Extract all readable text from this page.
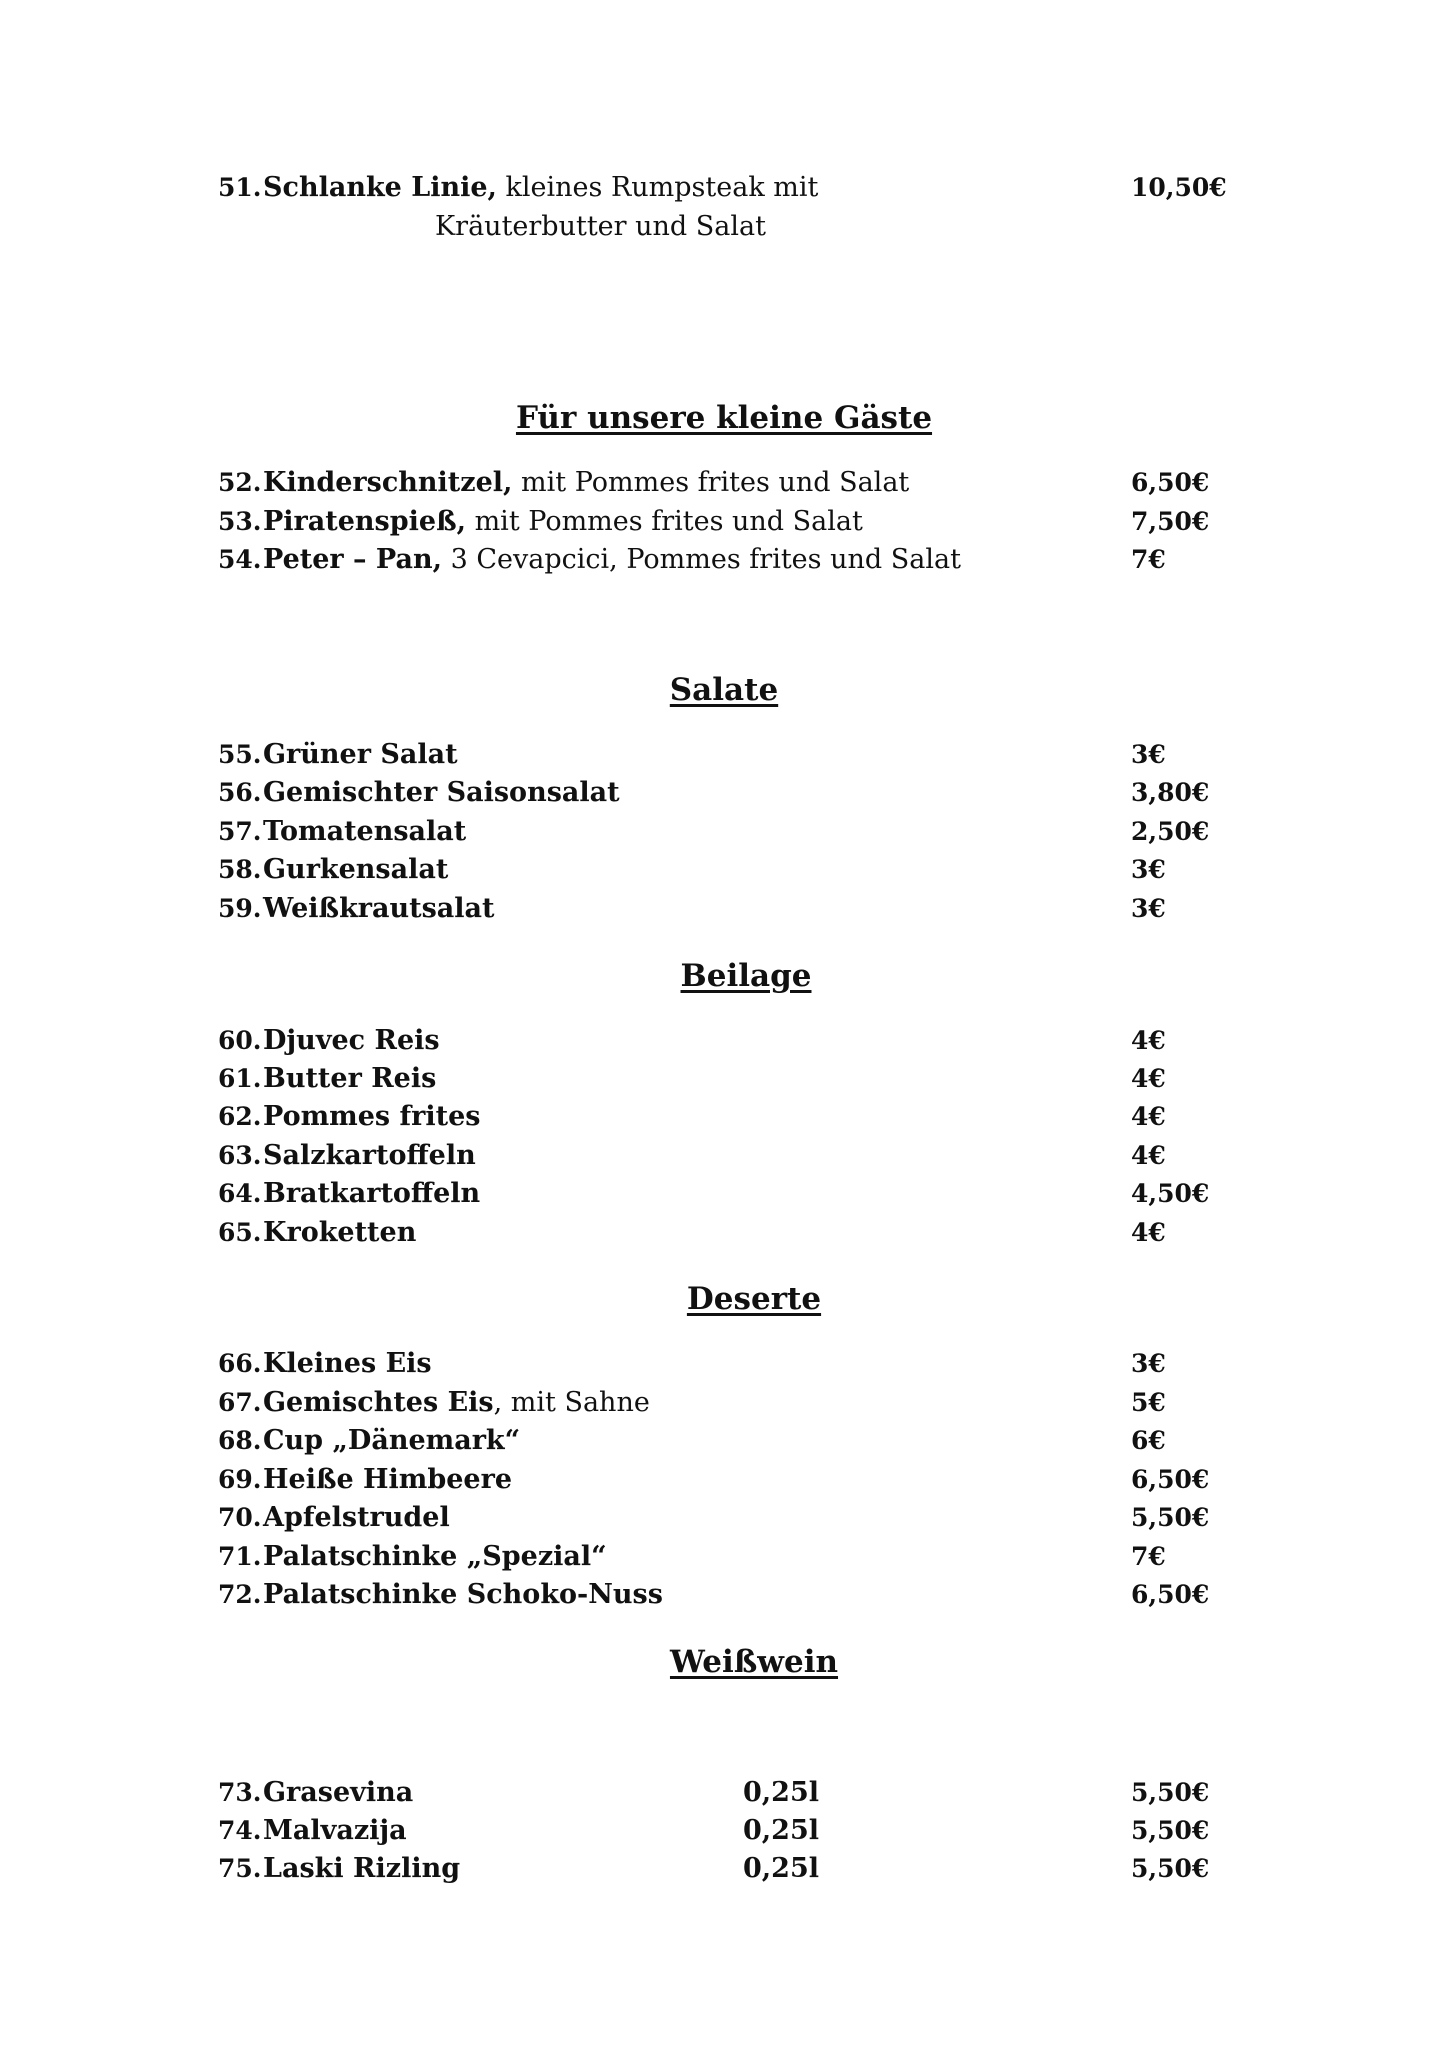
51. Schlanke Linie, kleines Rumpsteak mit	10,50€
Kräuterbutter und Salat
Für unsere kleine Gäste
52. Kinderschnitzel, mit Pommes frites und Salat	6,50€
53. Piratenspieß, mit Pommes frites und Salat	7,50€
54. Peter – Pan, 3 Cevapcici, Pommes frites und Salat	7€
Salate
55. Grüner Salat	3€
56. Gemischter Saisonsalat	3,80€
57. Tomatensalat	2,50€
58. Gurkensalat	3€
59. Weißkrautsalat	3€
Beilage
60. Djuvec Reis	4€
61. Butter Reis	4€
62. Pommes frites	4€
63. Salzkartoffeln	4€
64. Bratkartoffeln	4,50€
65. Kroketten	4€
Deserte
66. Kleines Eis	3€
67. Gemischtes Eis, mit Sahne	5€
68. Cup „Dänemark“	6€
69. Heiße Himbeere	6,50€
70. Apfelstrudel	5,50€
71. Palatschinke „Spezial“	7€
72. Palatschinke Schoko-Nuss	6,50€
Weißwein
73. Grasevina	0,25l	5,50€
74. Malvazija	0,25l	5,50€
75. Laski Rizling	0,25l	5,50€
